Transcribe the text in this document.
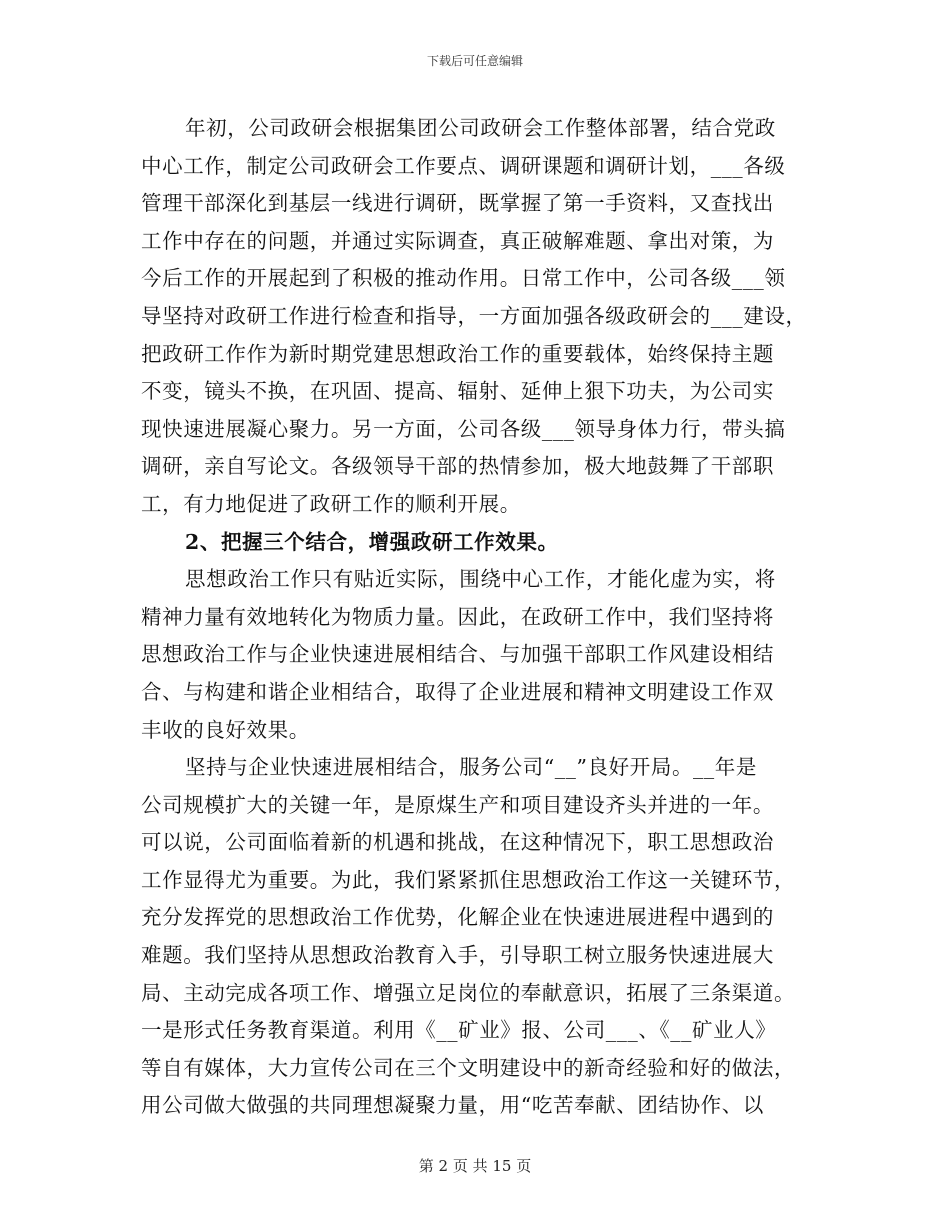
下载后可任意编辑
年初，公司政研会根据集团公司政研会工作整体部署，结合党政
中心工作，制定公司政研会工作要点、调研课题和调研计划，___各级
管理干部深化到基层一线进行调研，既掌握了第一手资料，又查找出
工作中存在的问题，并通过实际调查，真正破解难题、拿出对策，为
今后工作的开展起到了积极的推动作用。日常工作中，公司各级___领
导坚持对政研工作进行检查和指导，一方面加强各级政研会的___建设，
把政研工作作为新时期党建思想政治工作的重要载体，始终保持主题
不变，镜头不换，在巩固、提高、辐射、延伸上狠下功夫，为公司实
现快速进展凝心聚力。另一方面，公司各级___领导身体力行，带头搞
调研，亲自写论文。各级领导干部的热情参加，极大地鼓舞了干部职
工，有力地促进了政研工作的顺利开展。
2、把握三个结合，增强政研工作效果。
思想政治工作只有贴近实际，围绕中心工作，才能化虚为实，将
精神力量有效地转化为物质力量。因此，在政研工作中，我们坚持将
思想政治工作与企业快速进展相结合、与加强干部职工作风建设相结
合、与构建和谐企业相结合，取得了企业进展和精神文明建设工作双
丰收的良好效果。
坚持与企业快速进展相结合，服务公司“__”良好开局。__年是
公司规模扩大的关键一年，是原煤生产和项目建设齐头并进的一年。
可以说，公司面临着新的机遇和挑战，在这种情况下，职工思想政治
工作显得尤为重要。为此，我们紧紧抓住思想政治工作这一关键环节，
充分发挥党的思想政治工作优势，化解企业在快速进展进程中遇到的
难题。我们坚持从思想政治教育入手，引导职工树立服务快速进展大
局、主动完成各项工作、增强立足岗位的奉献意识，拓展了三条渠道。
一是形式任务教育渠道。利用《__矿业》报、公司___、《__矿业人》
等自有媒体，大力宣传公司在三个文明建设中的新奇经验和好的做法，
用公司做大做强的共同理想凝聚力量，用“吃苦奉献、团结协作、以
第 2 页 共 15 页
